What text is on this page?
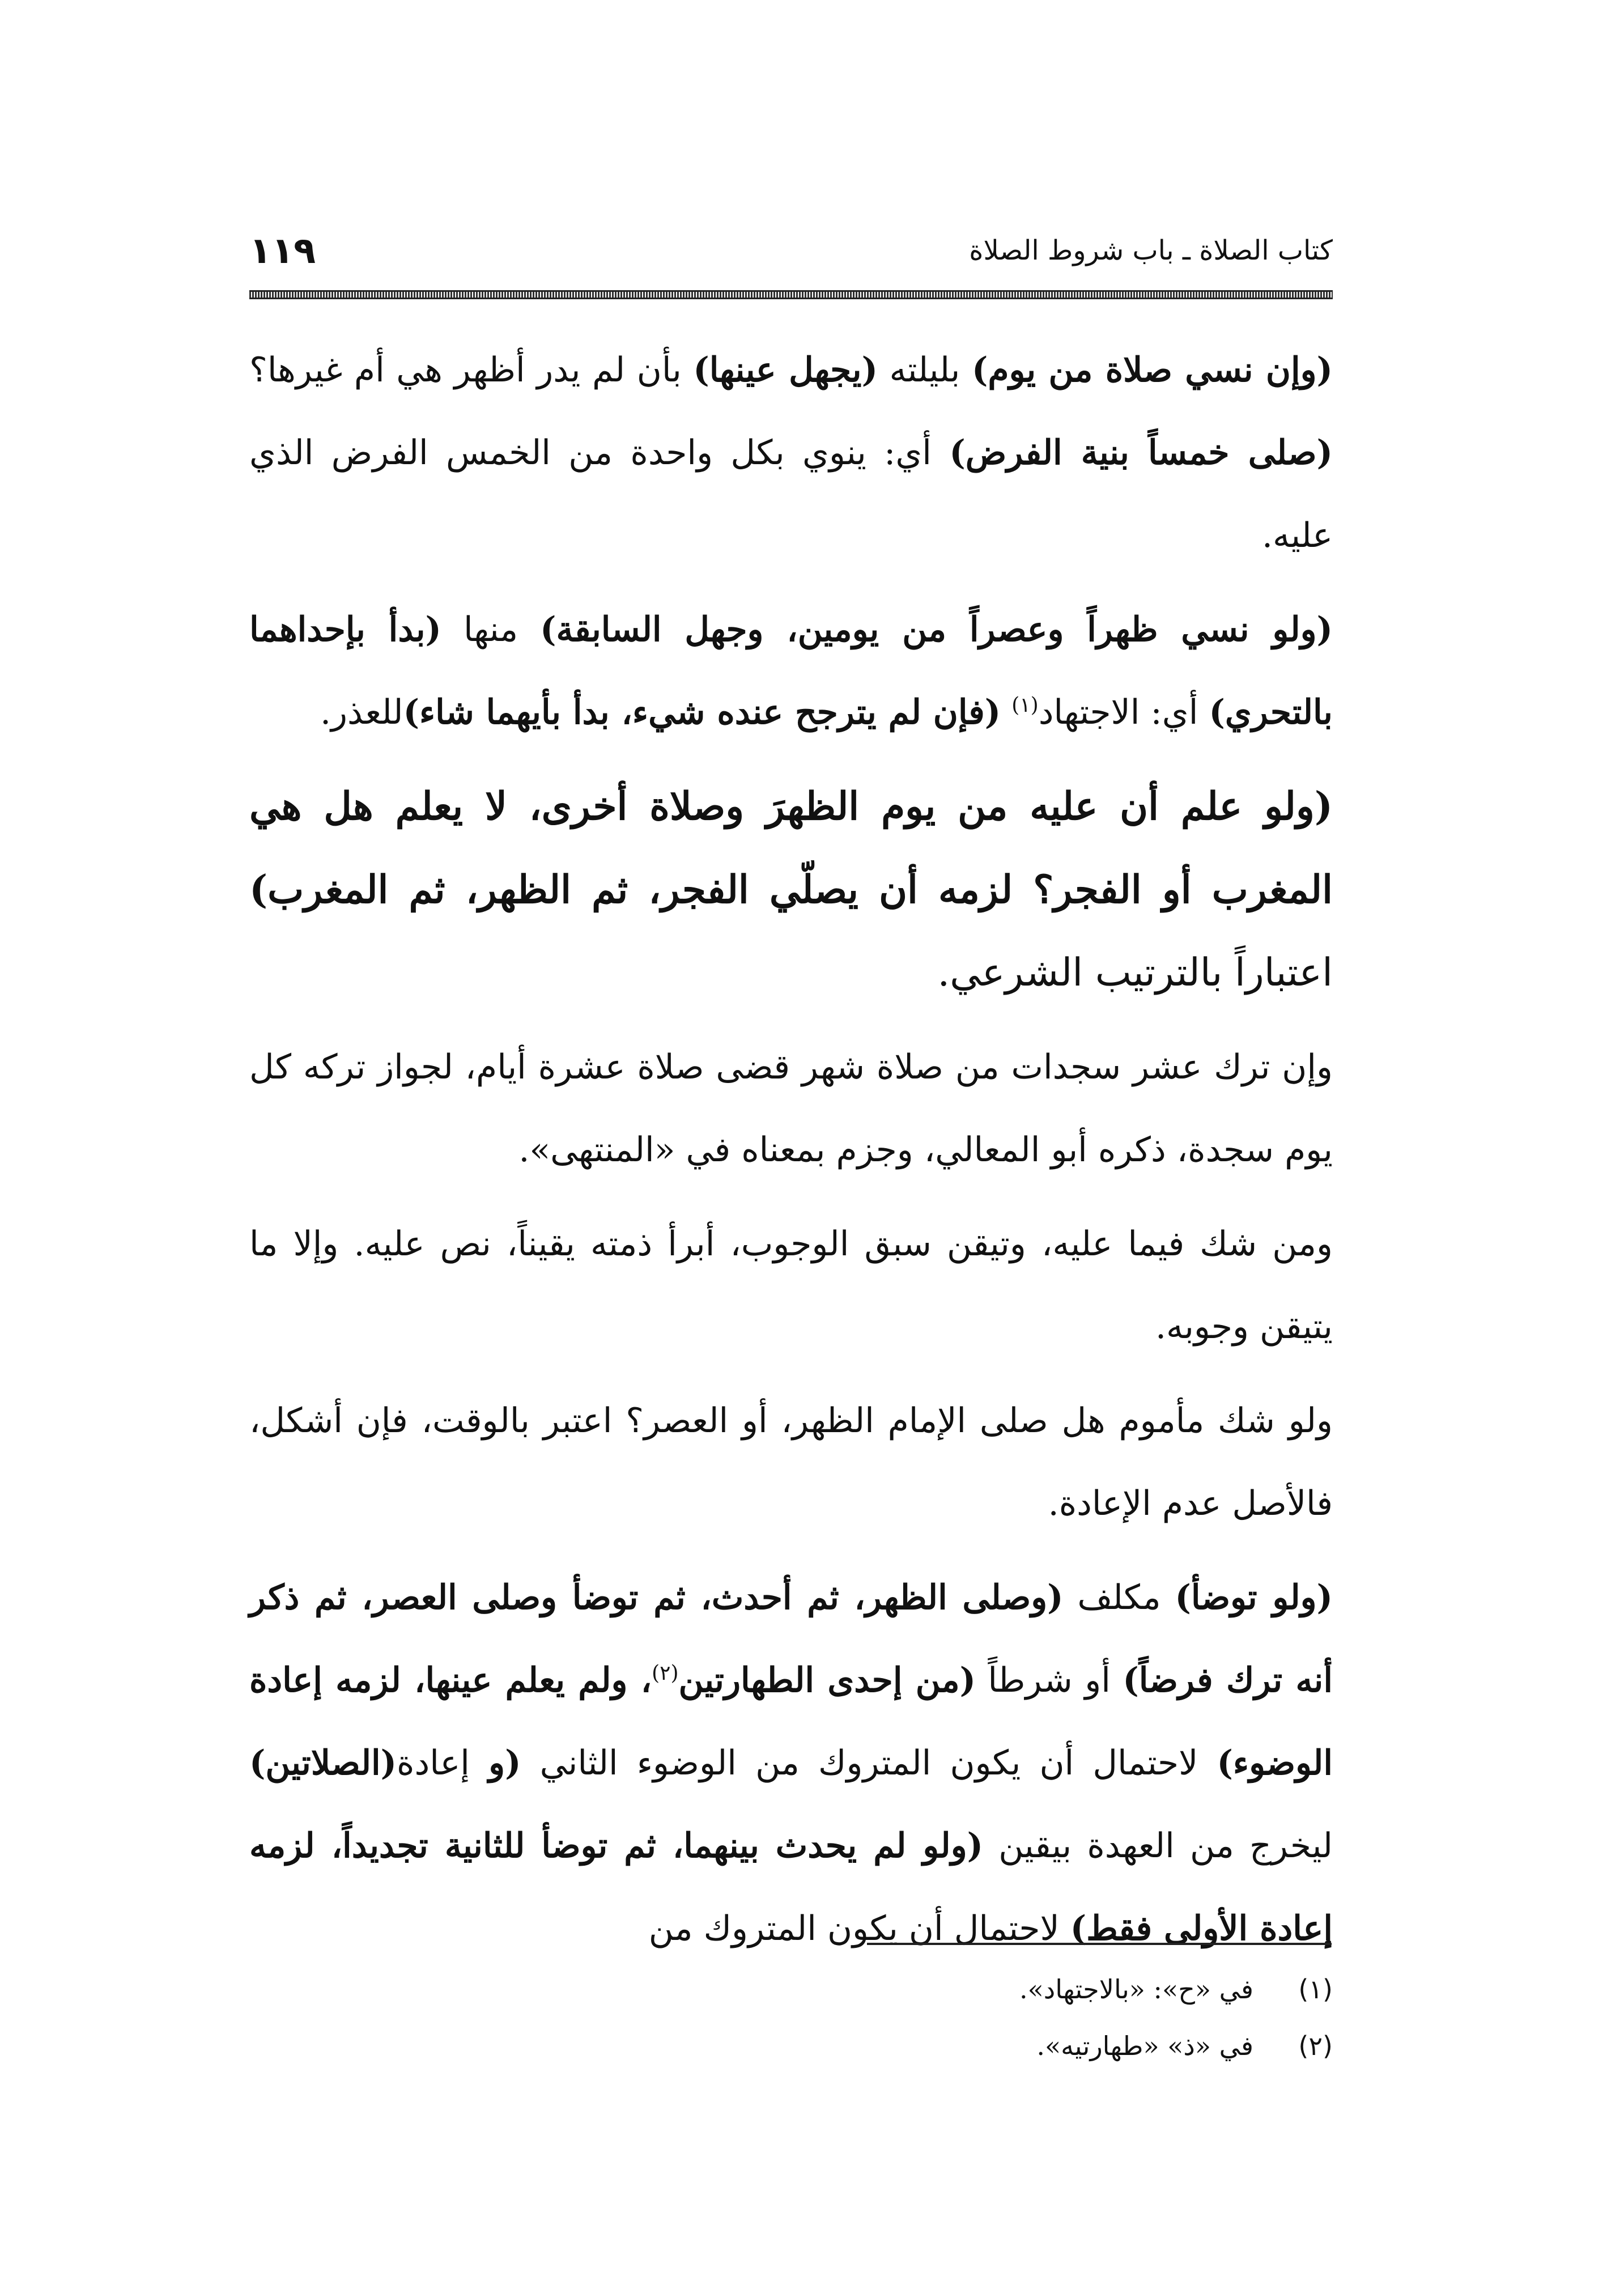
١١٩	كتاب الصلاة ـ باب شروط الصلاة

(وإن نسي صلاة من يوم) بليلته (يجهل عينها) بأن لم يدر أظهر هي أم غيرها؟ (صلى خمساً بنية الفرض) أي: ينوي بكل واحدة من الخمس الفرض الذي عليه.

(ولو نسي ظهراً وعصراً من يومين، وجهل السابقة) منها (بدأ بإحداهما بالتحري) أي: الاجتهاد$^{(١)}$ (فإن لم يترجح عنده شيء، بدأ بأيهما شاء)للعذر.

(ولو علم أن عليه من يوم الظهرَ وصلاة أخرى، لا يعلم هل هي المغرب أو الفجر؟ لزمه أن يصلّي الفجر، ثم الظهر، ثم المغرب) اعتباراً بالترتيب الشرعي.

وإن ترك عشر سجدات من صلاة شهر قضى صلاة عشرة أيام، لجواز تركه كل يوم سجدة، ذكره أبو المعالي، وجزم بمعناه في «المنتهى».

ومن شك فيما عليه، وتيقن سبق الوجوب، أبرأ ذمته يقيناً، نص عليه. وإلا ما يتيقن وجوبه.

ولو شك مأموم هل صلى الإمام الظهر، أو العصر؟ اعتبر بالوقت، فإن أشكل، فالأصل عدم الإعادة.

(ولو توضأ) مكلف (وصلى الظهر، ثم أحدث، ثم توضأ وصلى العصر، ثم ذكر أنه ترك فرضاً) أو شرطاً (من إحدى الطهارتين$^{(٢)}$، ولم يعلم عينها، لزمه إعادة الوضوء) لاحتمال أن يكون المتروك من الوضوء الثاني (و إعادة(الصلاتين) ليخرج من العهدة بيقين (ولو لم يحدث بينهما، ثم توضأ للثانية تجديداً، لزمه إعادة الأولى فقط) لاحتمال أن يكون المتروك من

(١)
في «ح»: «بالاجتهاد».
(٢)
في «ذ» «طهارتيه».
